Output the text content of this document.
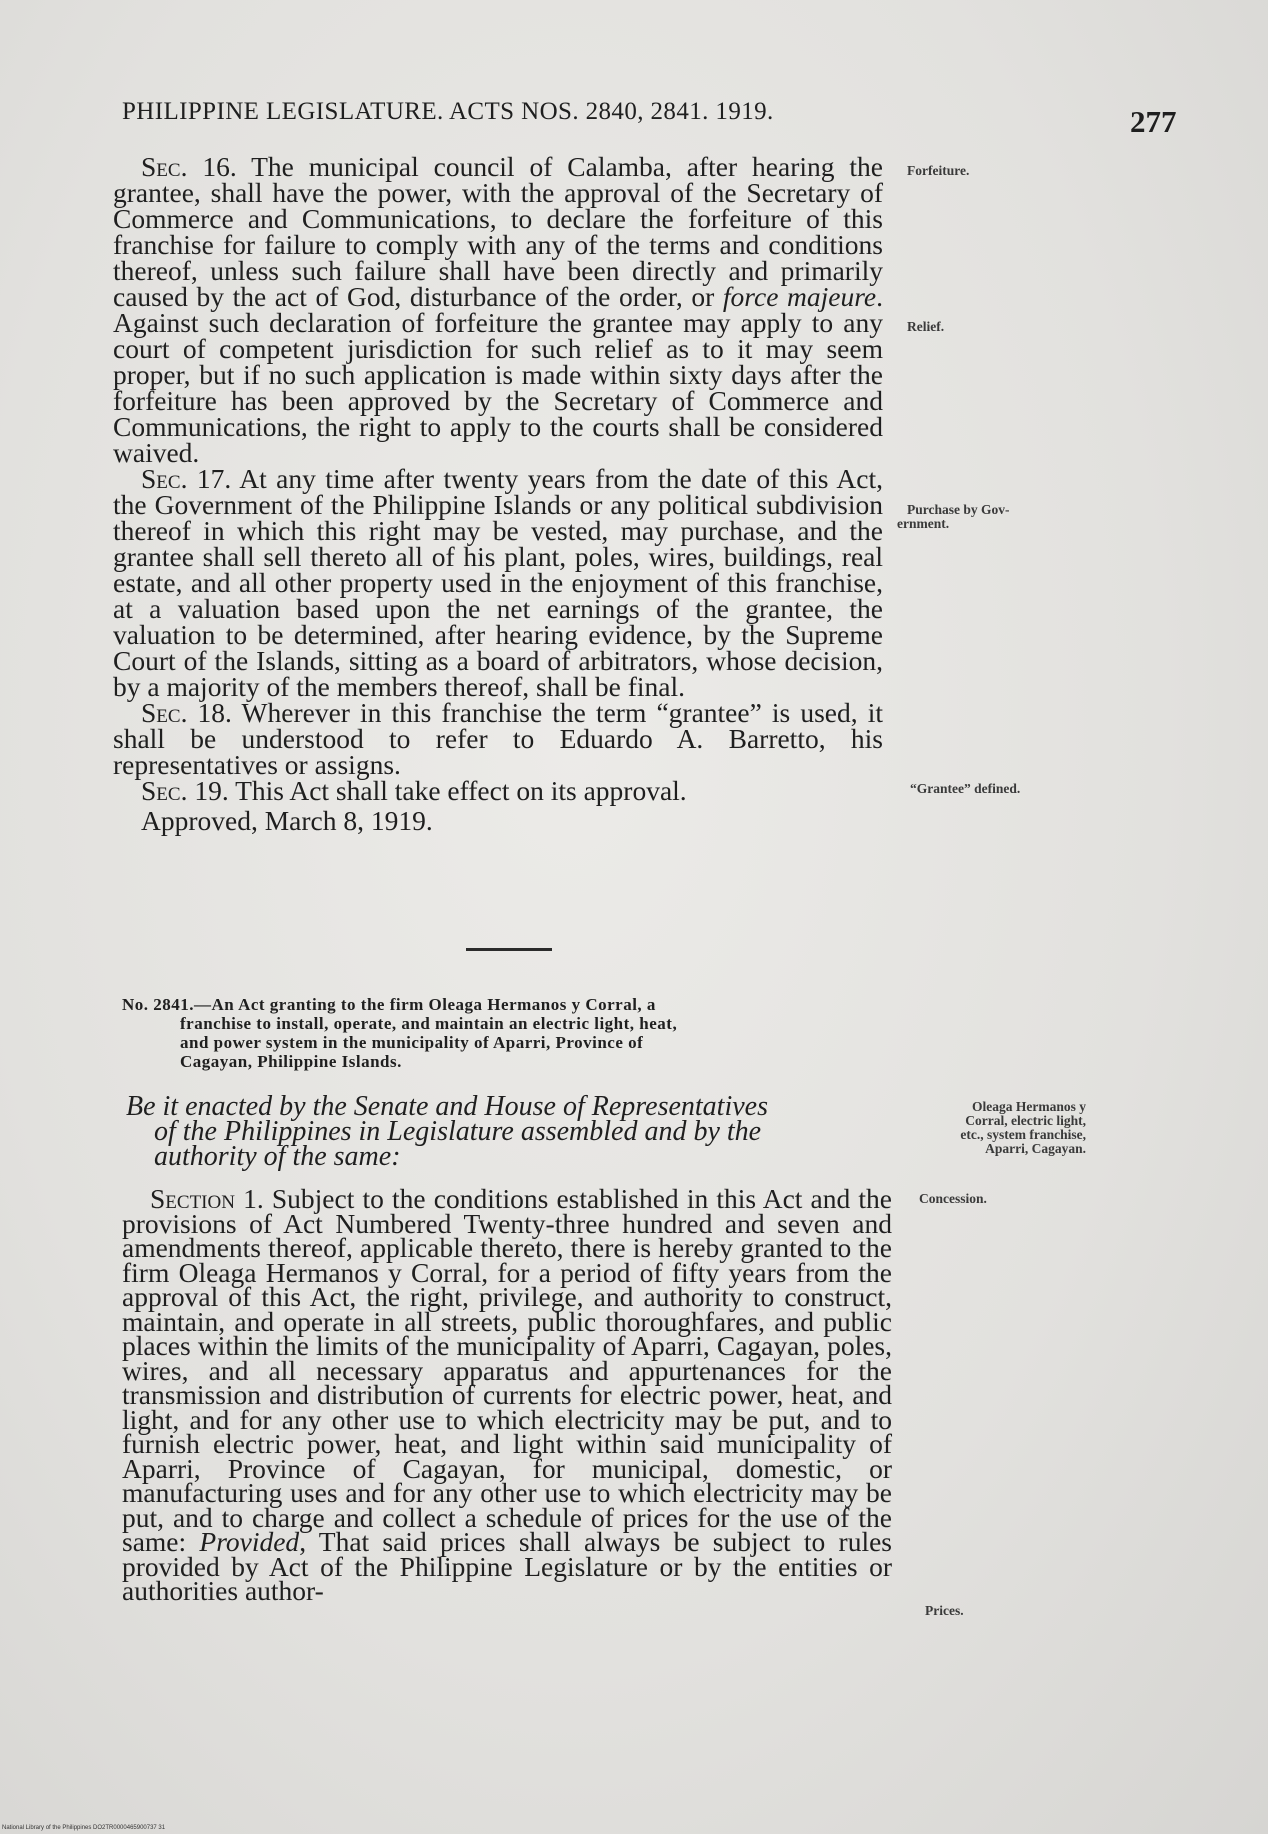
PHILIPPINE LEGISLATURE. ACTS NOS. 2840, 2841. 1919.	277

Sec. 16. The municipal council of Calamba, after hearing the grantee, shall have the power, with the approval of the Secretary of Commerce and Communications, to declare the forfeiture of this franchise for failure to comply with any of the terms and conditions thereof, unless such failure shall have been directly and primarily caused by the act of God, disturbance of the order, or force majeure. Against such declaration of forfeiture the grantee may apply to any court of competent jurisdiction for such relief as to it may seem proper, but if no such application is made within sixty days after the forfeiture has been approved by the Secretary of Commerce and Communications, the right to apply to the courts shall be considered waived.

Sec. 17. At any time after twenty years from the date of this Act, the Government of the Philippine Islands or any political subdivision thereof in which this right may be vested, may purchase, and the grantee shall sell thereto all of his plant, poles, wires, buildings, real estate, and all other property used in the enjoyment of this franchise, at a valuation based upon the net earnings of the grantee, the valuation to be determined, after hearing evidence, by the Supreme Court of the Islands, sitting as a board of arbitrators, whose decision, by a majority of the members thereof, shall be final.

Sec. 18. Wherever in this franchise the term “grantee” is used, it shall be understood to refer to Eduardo A. Barretto, his representatives or assigns.

Sec. 19. This Act shall take effect on its approval.

Approved, March 8, 1919.

No. 2841.—An Act granting to the firm Oleaga Hermanos y Corral, a
franchise to install, operate, and maintain an electric light, heat,
and power system in the municipality of Aparri, Province of
Cagayan, Philippine Islands.
Be it enacted by the Senate and House of Representatives
of the Philippines in Legislature assembled and by the
authority of the same:

Section 1. Subject to the conditions established in this Act and the provisions of Act Numbered Twenty-three hundred and seven and amendments thereof, applicable thereto, there is hereby granted to the firm Oleaga Hermanos y Corral, for a period of fifty years from the approval of this Act, the right, privilege, and authority to construct, maintain, and operate in all streets, public thoroughfares, and public places within the limits of the municipality of Aparri, Cagayan, poles, wires, and all necessary apparatus and appurtenances for the transmission and distribution of currents for electric power, heat, and light, and for any other use to which electricity may be put, and to furnish electric power, heat, and light within said municipality of Aparri, Province of Cagayan, for municipal, domestic, or manufacturing uses and for any other use to which electricity may be put, and to charge and collect a schedule of prices for the use of the same: Provided, That said prices shall always be subject to rules provided by Act of the Philippine Legislature or by the entities or authorities author-

Forfeiture.
Relief.
Purchase by Gov-
ernment.
“Grantee” defined.
Oleaga Hermanos y
Corral, electric light,
etc., system franchise,
Aparri, Cagayan.
Concession.
Prices.
National Library of the Philippines DO2TR0000465900737 31
